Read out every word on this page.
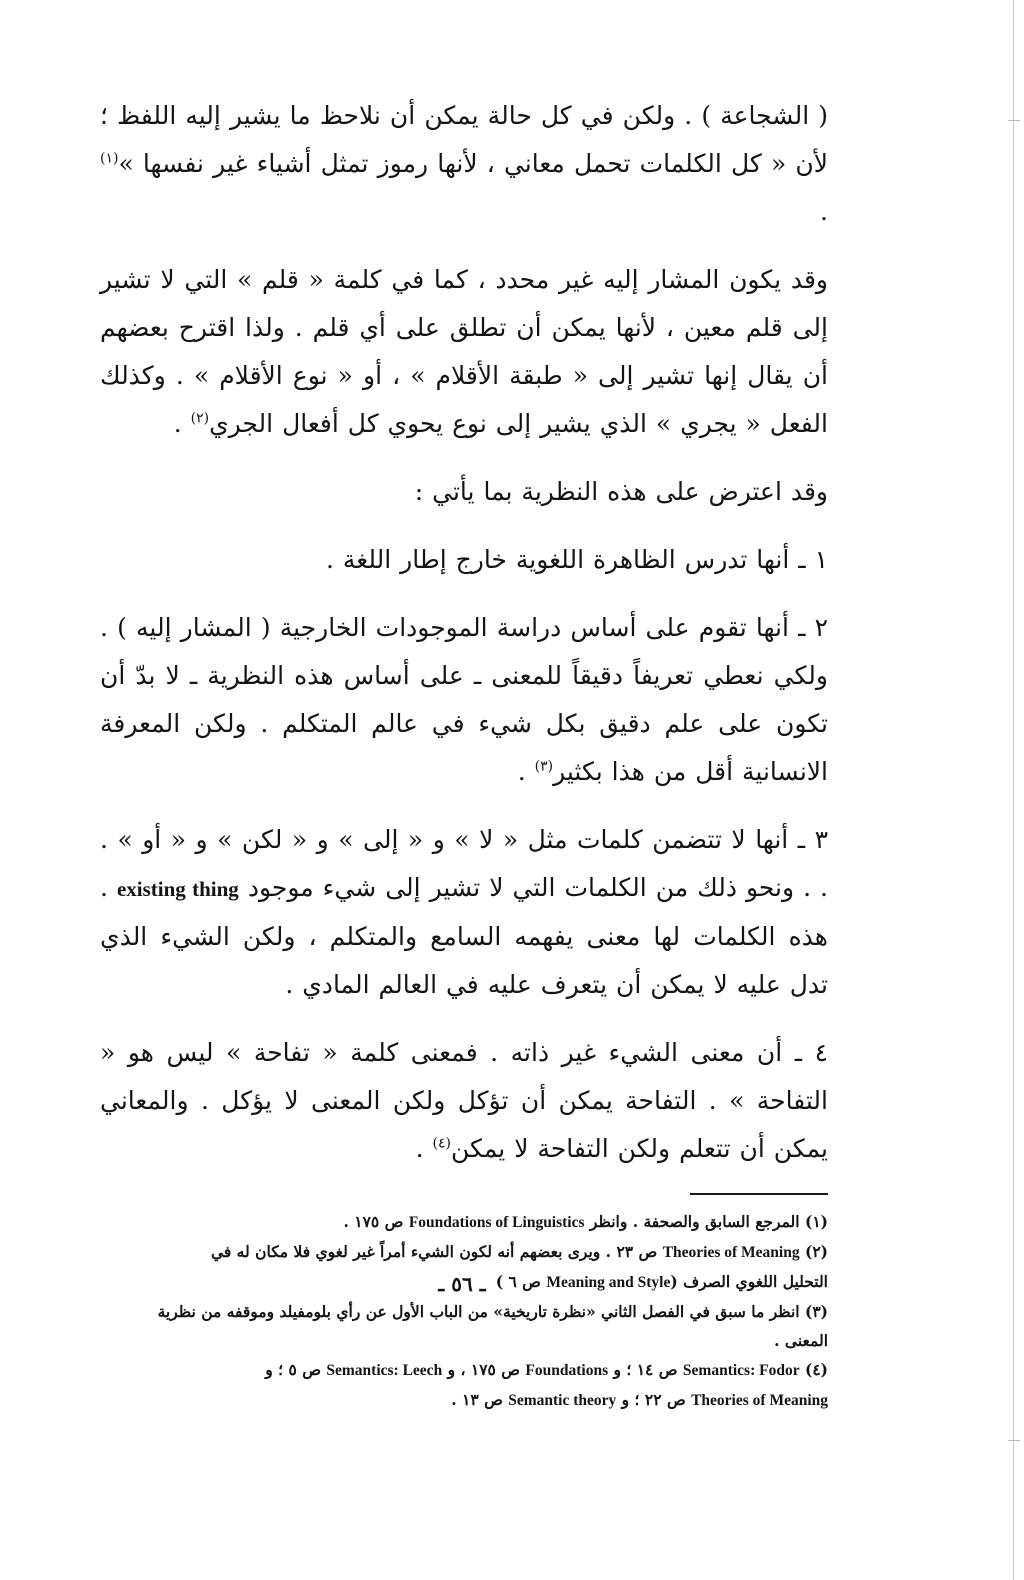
( الشجاعة ) . ولكن في كل حالة يمكن أن نلاحظ ما يشير إليه اللفظ ؛ لأن « كل الكلمات تحمل معاني ، لأنها رموز تمثل أشياء غير نفسها »$^{(١)}$ .

وقد يكون المشار إليه غير محدد ، كما في كلمة « قلم » التي لا تشير إلى قلم معين ، لأنها يمكن أن تطلق على أي قلم . ولذا اقترح بعضهم أن يقال إنها تشير إلى « طبقة الأقلام » ، أو « نوع الأقلام » . وكذلك الفعل « يجري » الذي يشير إلى نوع يحوي كل أفعال الجري$^{(٢)}$ .

وقد اعترض على هذه النظرية بما يأتي :

١ ـ أنها تدرس الظاهرة اللغوية خارج إطار اللغة .

٢ ـ أنها تقوم على أساس دراسة الموجودات الخارجية ( المشار إليه ) . ولكي نعطي تعريفاً دقيقاً للمعنى ـ على أساس هذه النظرية ـ لا بدّ أن تكون على علم دقيق بكل شيء في عالم المتكلم . ولكن المعرفة الانسانية أقل من هذا بكثير$^{(٣)}$ .

٣ ـ أنها لا تتضمن كلمات مثل « لا » و « إلى » و « لكن » و « أو » . . . ونحو ذلك من الكلمات التي لا تشير إلى شيء موجود existing thing . هذه الكلمات لها معنى يفهمه السامع والمتكلم ، ولكن الشيء الذي تدل عليه لا يمكن أن يتعرف عليه في العالم المادي .

٤ ـ أن معنى الشيء غير ذاته . فمعنى كلمة « تفاحة » ليس هو « التفاحة » . التفاحة يمكن أن تؤكل ولكن المعنى لا يؤكل . والمعاني يمكن أن تتعلم ولكن التفاحة لا يمكن$^{(٤)}$ .

(١) المرجع السابق والصحفة . وانظر Foundations of Linguistics ص ١٧٥ .
(٢) Theories of Meaning ص ٢٣ . ويرى بعضهم أنه لكون الشيء أمراً غير لغوي فلا مكان له في
التحليل اللغوي الصرف (Meaning and Style ص ٦ )
(٣) انظر ما سبق في الفصل الثاني «نظرة تاريخية» من الباب الأول عن رأي بلومفيلد وموقفه من نظرية
المعنى .
(٤) Semantics: Fodor ص ١٤ ؛ و Foundations ص ١٧٥ ، و Semantics: Leech ص ٥ ؛ و
Theories of Meaning ص ٢٢ ؛ و Semantic theory ص ١٣ .
ـ ٥٦ ـ
